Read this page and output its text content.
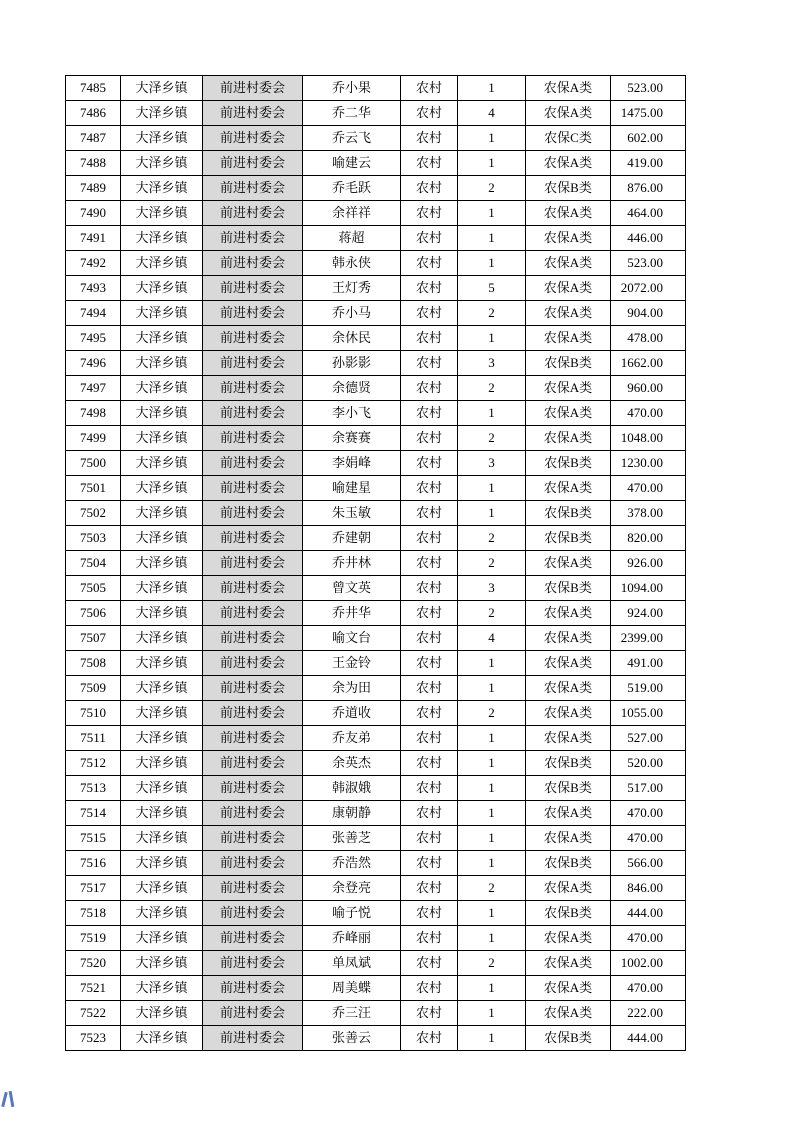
7485	大泽乡镇	前进村委会	乔小果	农村	1	农保A类	523.00
7486	大泽乡镇	前进村委会	乔二华	农村	4	农保A类	1475.00
7487	大泽乡镇	前进村委会	乔云飞	农村	1	农保C类	602.00
7488	大泽乡镇	前进村委会	喻建云	农村	1	农保A类	419.00
7489	大泽乡镇	前进村委会	乔毛跃	农村	2	农保B类	876.00
7490	大泽乡镇	前进村委会	余祥祥	农村	1	农保A类	464.00
7491	大泽乡镇	前进村委会	蒋超	农村	1	农保A类	446.00
7492	大泽乡镇	前进村委会	韩永侠	农村	1	农保A类	523.00
7493	大泽乡镇	前进村委会	王灯秀	农村	5	农保A类	2072.00
7494	大泽乡镇	前进村委会	乔小马	农村	2	农保A类	904.00
7495	大泽乡镇	前进村委会	余休民	农村	1	农保A类	478.00
7496	大泽乡镇	前进村委会	孙影影	农村	3	农保B类	1662.00
7497	大泽乡镇	前进村委会	余德贤	农村	2	农保A类	960.00
7498	大泽乡镇	前进村委会	李小飞	农村	1	农保A类	470.00
7499	大泽乡镇	前进村委会	余赛赛	农村	2	农保A类	1048.00
7500	大泽乡镇	前进村委会	李娟峰	农村	3	农保B类	1230.00
7501	大泽乡镇	前进村委会	喻建星	农村	1	农保A类	470.00
7502	大泽乡镇	前进村委会	朱玉敏	农村	1	农保B类	378.00
7503	大泽乡镇	前进村委会	乔建朝	农村	2	农保B类	820.00
7504	大泽乡镇	前进村委会	乔井林	农村	2	农保A类	926.00
7505	大泽乡镇	前进村委会	曾文英	农村	3	农保B类	1094.00
7506	大泽乡镇	前进村委会	乔井华	农村	2	农保A类	924.00
7507	大泽乡镇	前进村委会	喻文台	农村	4	农保A类	2399.00
7508	大泽乡镇	前进村委会	王金铃	农村	1	农保A类	491.00
7509	大泽乡镇	前进村委会	余为田	农村	1	农保A类	519.00
7510	大泽乡镇	前进村委会	乔道收	农村	2	农保A类	1055.00
7511	大泽乡镇	前进村委会	乔友弟	农村	1	农保A类	527.00
7512	大泽乡镇	前进村委会	余英杰	农村	1	农保B类	520.00
7513	大泽乡镇	前进村委会	韩淑娥	农村	1	农保B类	517.00
7514	大泽乡镇	前进村委会	康朝静	农村	1	农保A类	470.00
7515	大泽乡镇	前进村委会	张善芝	农村	1	农保A类	470.00
7516	大泽乡镇	前进村委会	乔浩然	农村	1	农保B类	566.00
7517	大泽乡镇	前进村委会	余登亮	农村	2	农保A类	846.00
7518	大泽乡镇	前进村委会	喻子悦	农村	1	农保B类	444.00
7519	大泽乡镇	前进村委会	乔峰丽	农村	1	农保A类	470.00
7520	大泽乡镇	前进村委会	单凤斌	农村	2	农保A类	1002.00
7521	大泽乡镇	前进村委会	周美蝶	农村	1	农保A类	470.00
7522	大泽乡镇	前进村委会	乔三汪	农村	1	农保A类	222.00
7523	大泽乡镇	前进村委会	张善云	农村	1	农保B类	444.00
